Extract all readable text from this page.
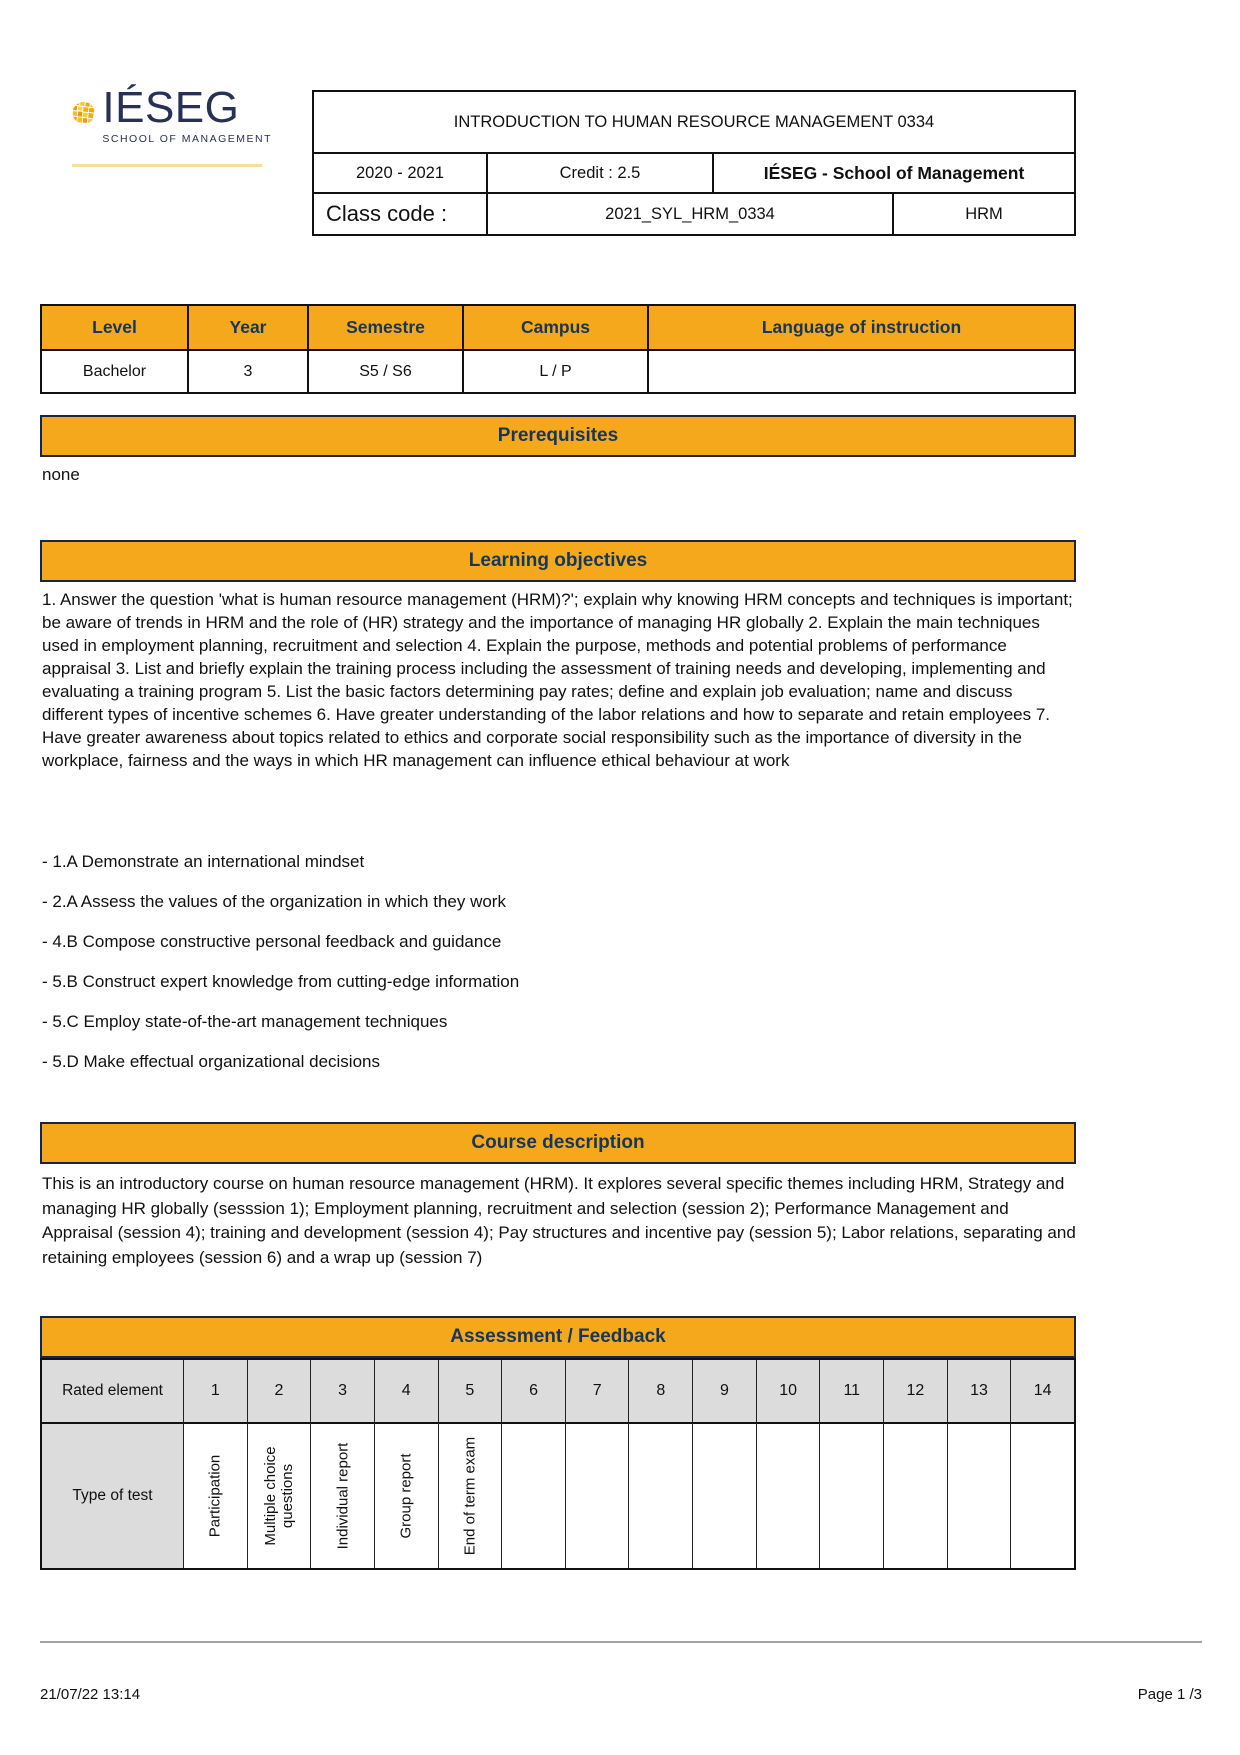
IÉSEG
SCHOOL OF MANAGEMENT
INTRODUCTION TO HUMAN RESOURCE MANAGEMENT 0334
2020 - 2021	Credit : 2.5	IÉSEG - School of Management
Class code :	2021_SYL_HRM_0334	HRM
Level	Year	Semestre	Campus	Language of instruction
Bachelor	3	S5 / S6	L / P
Prerequisites
none
Learning objectives
1. Answer the question 'what is human resource management (HRM)?'; explain why knowing HRM concepts and techniques is important; be aware of trends in HRM and the role of (HR) strategy and the importance of managing HR globally 2. Explain the main techniques used in employment planning, recruitment and selection 4. Explain the purpose, methods and potential problems of performance appraisal 3. List and briefly explain the training process including the assessment of training needs and developing, implementing and evaluating a training program 5. List the basic factors determining pay rates; define and explain job evaluation; name and discuss different types of incentive schemes 6. Have greater understanding of the labor relations and how to separate and retain employees 7. Have greater awareness about topics related to ethics and corporate social responsibility such as the importance of diversity in the workplace, fairness and the ways in which HR management can influence ethical behaviour at work
- 1.A Demonstrate an international mindset
- 2.A Assess the values of the organization in which they work
- 4.B Compose constructive personal feedback and guidance
- 5.B Construct expert knowledge from cutting-edge information
- 5.C Employ state-of-the-art management techniques
- 5.D Make effectual organizational decisions
Course description
This is an introductory course on human resource management (HRM). It explores several specific themes including HRM, Strategy and managing HR globally (sesssion 1); Employment planning, recruitment and selection (session 2); Performance Management and Appraisal (session 4); training and development (session 4); Pay structures and incentive pay (session 5); Labor relations, separating and retaining employees (session 6) and a wrap up (session 7)
Assessment / Feedback
Rated element	1	2	3	4	5	6	7	8	9	10	11	12	13	14
Type of test	Participation	Multiple choice questions	Individual report	Group report	End of term exam
21/07/22 13:14	Page 1 /3
